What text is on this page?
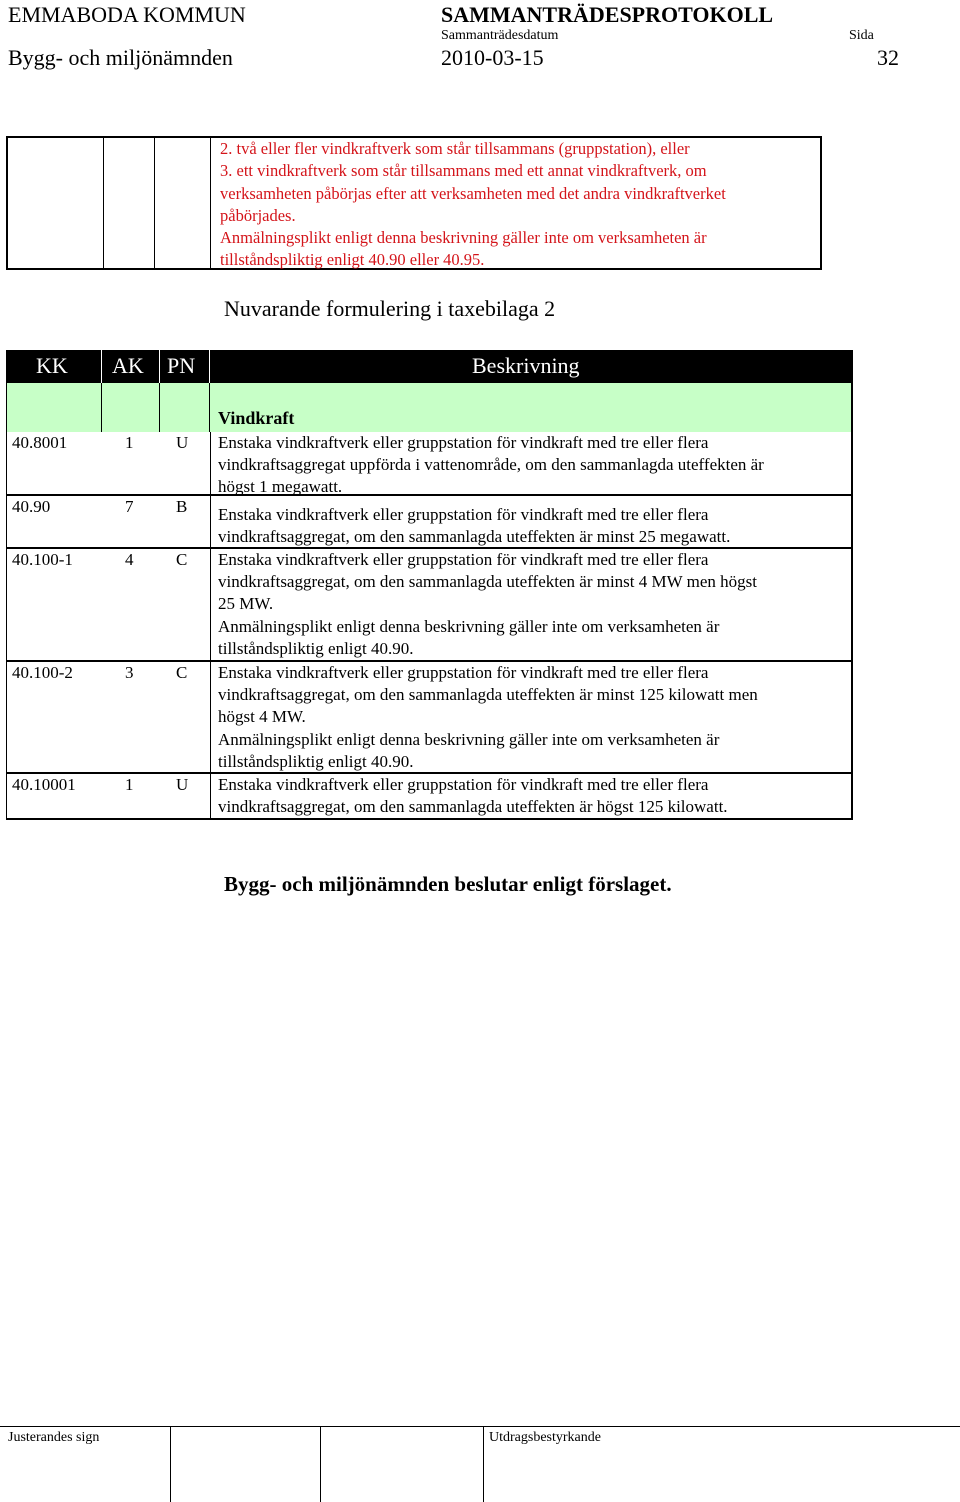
EMMABODA KOMMUN	SAMMANTRÄDESPROTOKOLL
Sammanträdesdatum	Sida
Bygg- och miljönämnden	2010-03-15	32
2. två eller fler vindkraftverk som står tillsammans (gruppstation), eller
3. ett vindkraftverk som står tillsammans med ett annat vindkraftverk, om
verksamheten påbörjas efter att verksamheten med det andra vindkraftverket
påbörjades.
Anmälningsplikt enligt denna beskrivning gäller inte om verksamheten är
tillståndspliktig enligt 40.90 eller 40.95.
Nuvarande formulering i taxebilaga 2
KK AK PN	Beskrivning
Vindkraft
40.8001	1	U Enstaka vindkraftverk eller gruppstation för vindkraft med tre eller flera
vindkraftsaggregat uppförda i vattenområde, om den sammanlagda uteffekten är
högst 1 megawatt.
40.90	7	B Enstaka vindkraftverk eller gruppstation för vindkraft med tre eller flera
vindkraftsaggregat, om den sammanlagda uteffekten är minst 25 megawatt.
40.100-1	4	C Enstaka vindkraftverk eller gruppstation för vindkraft med tre eller flera
vindkraftsaggregat, om den sammanlagda uteffekten är minst 4 MW men högst
25 MW.
Anmälningsplikt enligt denna beskrivning gäller inte om verksamheten är
tillståndspliktig enligt 40.90.
40.100-2	3	C Enstaka vindkraftverk eller gruppstation för vindkraft med tre eller flera
vindkraftsaggregat, om den sammanlagda uteffekten är minst 125 kilowatt men
högst 4 MW.
Anmälningsplikt enligt denna beskrivning gäller inte om verksamheten är
tillståndspliktig enligt 40.90.
40.10001	1	U Enstaka vindkraftverk eller gruppstation för vindkraft med tre eller flera
vindkraftsaggregat, om den sammanlagda uteffekten är högst 125 kilowatt.
Bygg- och miljönämnden beslutar enligt förslaget.
Justerandes sign	Utdragsbestyrkande
